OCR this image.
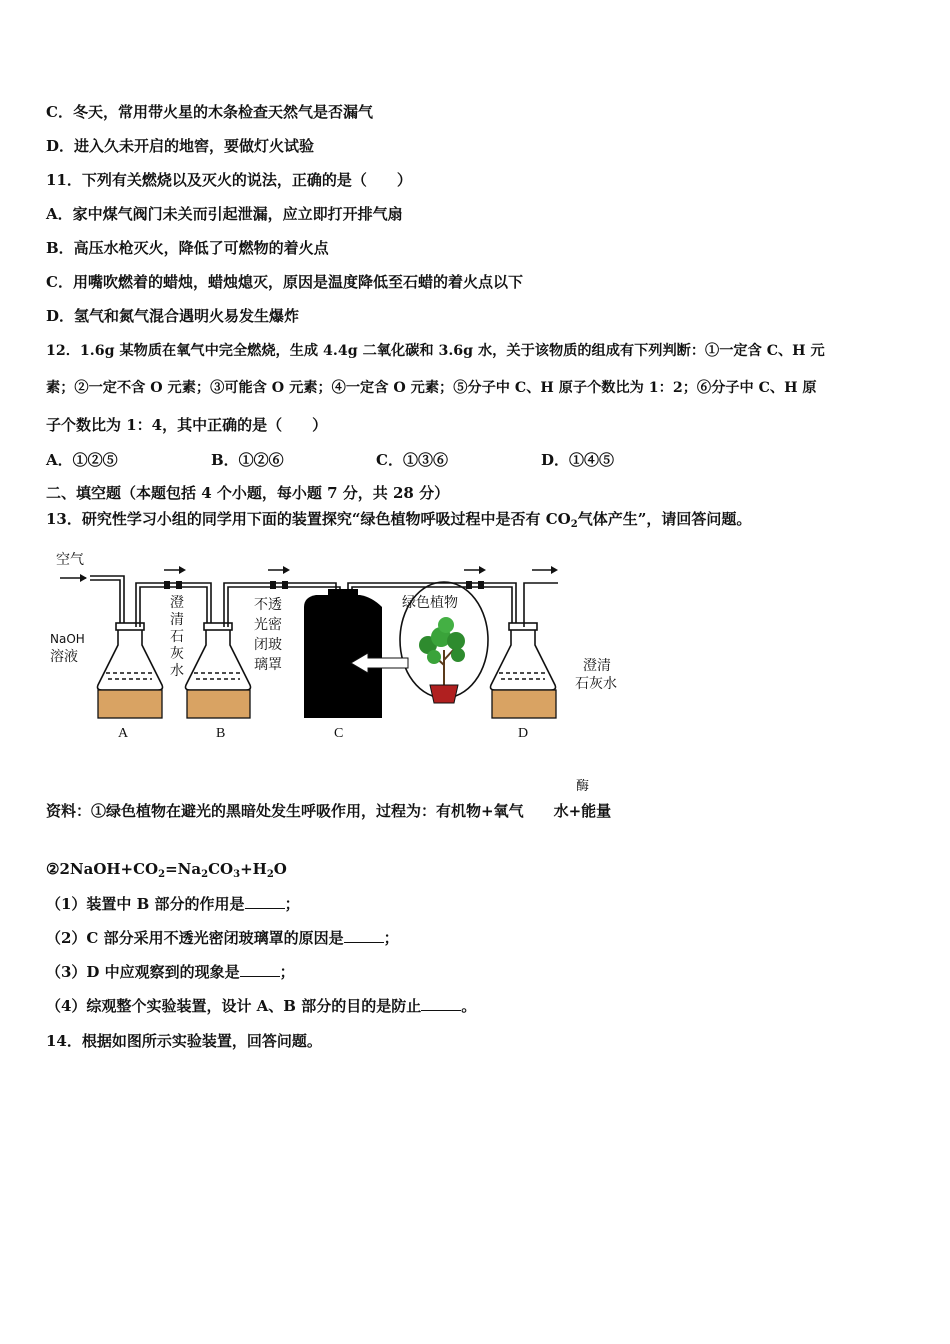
C．冬天，常用带火星的木条检查天然气是否漏气
D．进入久未开启的地窖，要做灯火试验
11．下列有关燃烧以及灭火的说法，正确的是（　　）
A．家中煤气阀门未关而引起泄漏，应立即打开排气扇
B．高压水枪灭火，降低了可燃物的着火点
C．用嘴吹燃着的蜡烛，蜡烛熄灭，原因是温度降低至石蜡的着火点以下
D．氢气和氮气混合遇明火易发生爆炸
12．1.6g 某物质在氧气中完全燃烧，生成 4.4g 二氧化碳和 3.6g 水，关于该物质的组成有下列判断：①一定含 C、H 元
素；②一定不含 O 元素；③可能含 O 元素；④一定含 O 元素；⑤分子中 C、H 原子个数比为 1：2；⑥分子中 C、H 原
子个数比为 1：4，其中正确的是（　　）
A．①②⑤	B．①②⑥	C．①③⑥	D．①④⑤
二、填空题（本题包括 4 个小题，每小题 7 分，共 28 分）
13．研究性学习小组的同学用下面的装置探究“绿色植物呼吸过程中是否有 $CO_2$气体产生”，请回答问题。
空气
NaOH
溶液
澄
清
石
灰
水
不透
光密
闭玻
璃罩
绿色植物
A	B	C	D
澄清
石灰水
酶
资料：①绿色植物在避光的黑暗处发生呼吸作用，过程为：有机物+氧气　　水+能量
$②2NaOH+CO_2=Na_2CO_3+H_2O$
（1）装置中 B 部分的作用是	；
（2）C 部分采用不透光密闭玻璃罩的原因是	；
（3）D 中应观察到的现象是	；
（4）综观整个实验装置，设计 A、B 部分的目的是防止	。
14．根据如图所示实验装置，回答问题。
